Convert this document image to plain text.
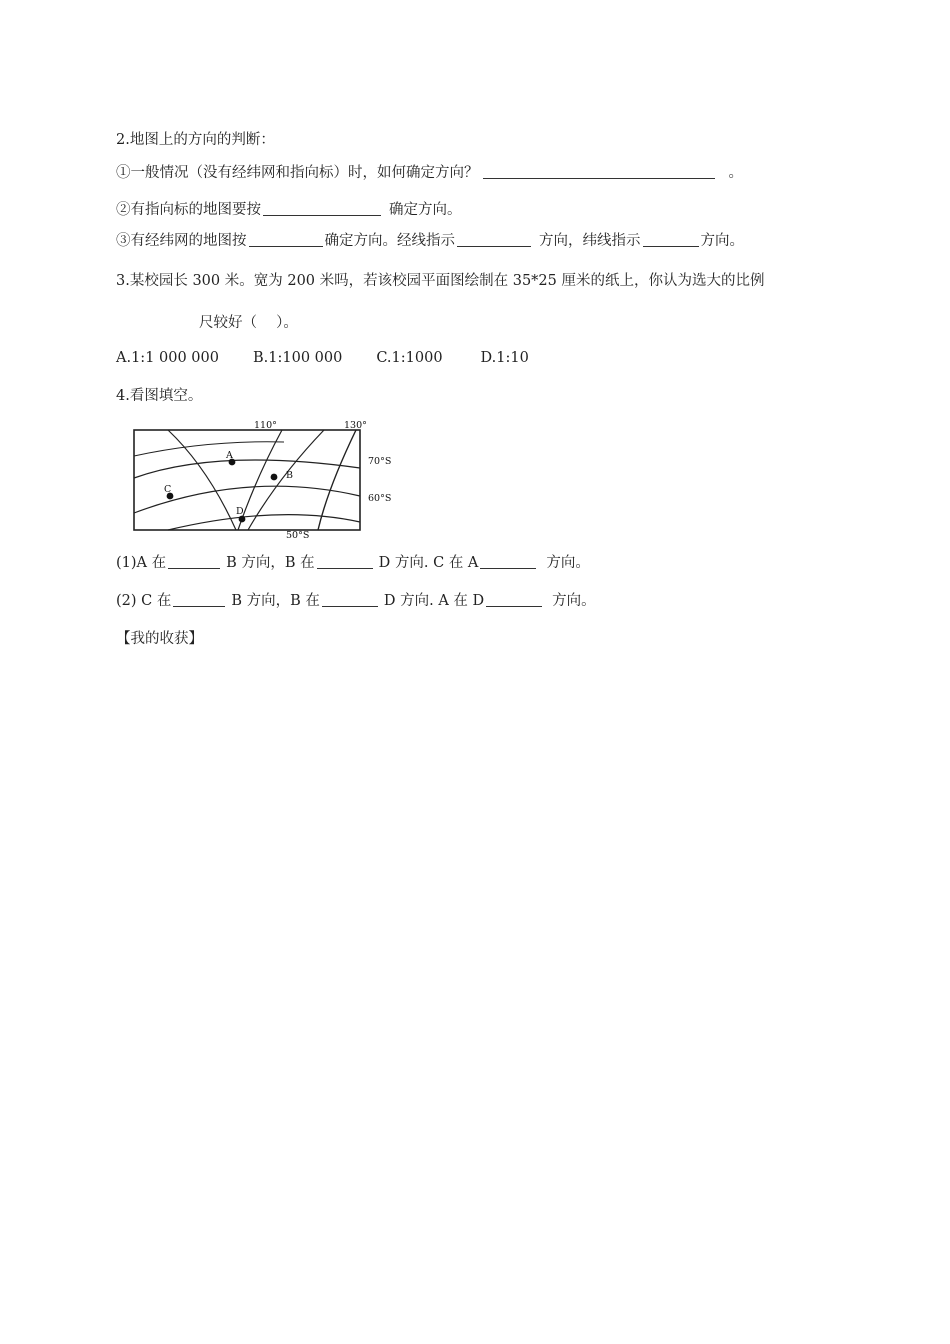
2.地图上的方向的判断：
①一般情况（没有经纬网和指向标）时，如何确定方向？	。
②有指向标的地图要按	确定方向。
③有经纬网的地图按	确定方向。经线指示	方向，纬线指示	方向。
3.某校园长 300 米。宽为 200 米吗，若该校园平面图绘制在 35*25 厘米的纸上，你认为选大的比例
尺较好（　 ）。
A.1:1 000 000 B.1:100 000 C.1:1000	D.1:10
4.看图填空。
110°	130°
70°S
60°S
50°S
A
B
C
D
(1)A 在	B 方向，B 在	D 方向. C 在 A	方向。
(2) C 在	B 方向，B 在	D 方向. A 在 D	方向。
【我的收获】
